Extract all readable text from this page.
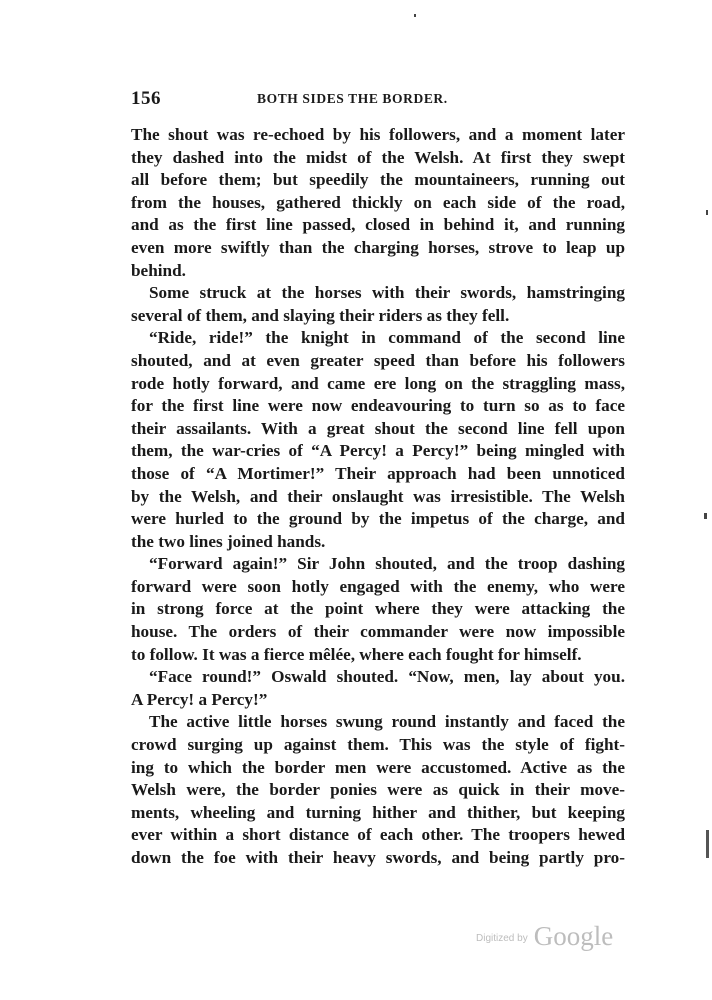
156	BOTH SIDES THE BORDER.
The shout was re-echoed by his followers, and a moment later
they dashed into the midst of the Welsh. At first they swept
all before them; but speedily the mountaineers, running out
from the houses, gathered thickly on each side of the road,
and as the first line passed, closed in behind it, and running
even more swiftly than the charging horses, strove to leap up
behind.
Some struck at the horses with their swords, hamstringing
several of them, and slaying their riders as they fell.
“Ride, ride!” the knight in command of the second line
shouted, and at even greater speed than before his followers
rode hotly forward, and came ere long on the straggling mass,
for the first line were now endeavouring to turn so as to face
their assailants. With a great shout the second line fell upon
them, the war-cries of “A Percy! a Percy!” being mingled with
those of “A Mortimer!” Their approach had been unnoticed
by the Welsh, and their onslaught was irresistible. The Welsh
were hurled to the ground by the impetus of the charge, and
the two lines joined hands.
“Forward again!” Sir John shouted, and the troop dashing
forward were soon hotly engaged with the enemy, who were
in strong force at the point where they were attacking the
house. The orders of their commander were now impossible
to follow. It was a fierce mêlée, where each fought for himself.
“Face round!” Oswald shouted. “Now, men, lay about you.
A Percy! a Percy!”
The active little horses swung round instantly and faced the
crowd surging up against them. This was the style of fight-
ing to which the border men were accustomed. Active as the
Welsh were, the border ponies were as quick in their move-
ments, wheeling and turning hither and thither, but keeping
ever within a short distance of each other. The troopers hewed
down the foe with their heavy swords, and being partly pro-
$^{Digitized by}$ Google
